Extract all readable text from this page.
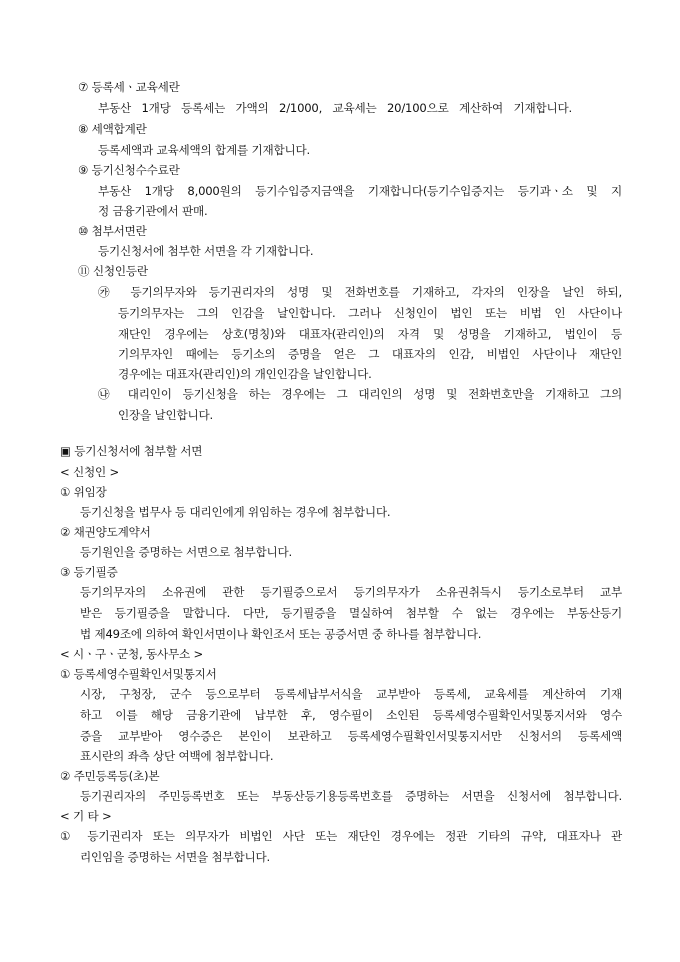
⑦ 등록세ㆍ교육세란
부동산 1개당 등록세는 가액의 2/1000, 교육세는 20/100으로 계산하여 기재합니다.
⑧ 세액합계란
등록세액과 교육세액의 합계를 기재합니다.
⑨ 등기신청수수료란
부동산 1개당 8,000원의 등기수입증지금액을 기재합니다(등기수입증지는 등기과ㆍ소 및 지
정 금융기관에서 판매.
⑩ 첨부서면란
등기신청서에 첨부한 서면을 각 기재합니다.
⑪ 신청인등란
㉮ 등기의무자와 등기권리자의 성명 및 전화번호를 기재하고, 각자의 인장을 날인 하되,
등기의무자는 그의 인감을 날인합니다. 그러나 신청인이 법인 또는 비법 인 사단이나
재단인 경우에는 상호(명칭)와 대표자(관리인)의 자격 및 성명을 기재하고, 법인이 등
기의무자인 때에는 등기소의 증명을 얻은 그 대표자의 인감, 비법인 사단이나 재단인
경우에는 대표자(관리인)의 개인인감을 날인합니다.
㉯ 대리인이 등기신청을 하는 경우에는 그 대리인의 성명 및 전화번호만을 기재하고 그의
인장을 날인합니다.
▣ 등기신청서에 첨부할 서면
< 신청인 >
① 위임장
등기신청을 법무사 등 대리인에게 위임하는 경우에 첨부합니다.
② 채권양도계약서
등기원인을 증명하는 서면으로 첨부합니다.
③ 등기필증
등기의무자의 소유권에 관한 등기필증으로서 등기의무자가 소유권취득시 등기소로부터 교부
받은 등기필증을 말합니다. 다만, 등기필증을 멸실하여 첨부할 수 없는 경우에는 부동산등기
법 제49조에 의하여 확인서면이나 확인조서 또는 공증서면 중 하나를 첨부합니다.
< 시ㆍ구ㆍ군청, 동사무소 >
① 등록세영수필확인서및통지서
시장, 구청장, 군수 등으로부터 등록세납부서식을 교부받아 등록세, 교육세를 계산하여 기재
하고 이를 해당 금융기관에 납부한 후, 영수필이 소인된 등록세영수필확인서및통지서와 영수
증을 교부받아 영수증은 본인이 보관하고 등록세영수필확인서및통지서만 신청서의 등록세액
표시란의 좌측 상단 여백에 첨부합니다.
② 주민등록등(초)본
등기권리자의 주민등록번호 또는 부동산등기용등록번호를 증명하는 서면을 신청서에 첨부합니다.
< 기 타 >
① 등기권리자 또는 의무자가 비법인 사단 또는 재단인 경우에는 정관 기타의 규약, 대표자나 관
리인임을 증명하는 서면을 첨부합니다.
